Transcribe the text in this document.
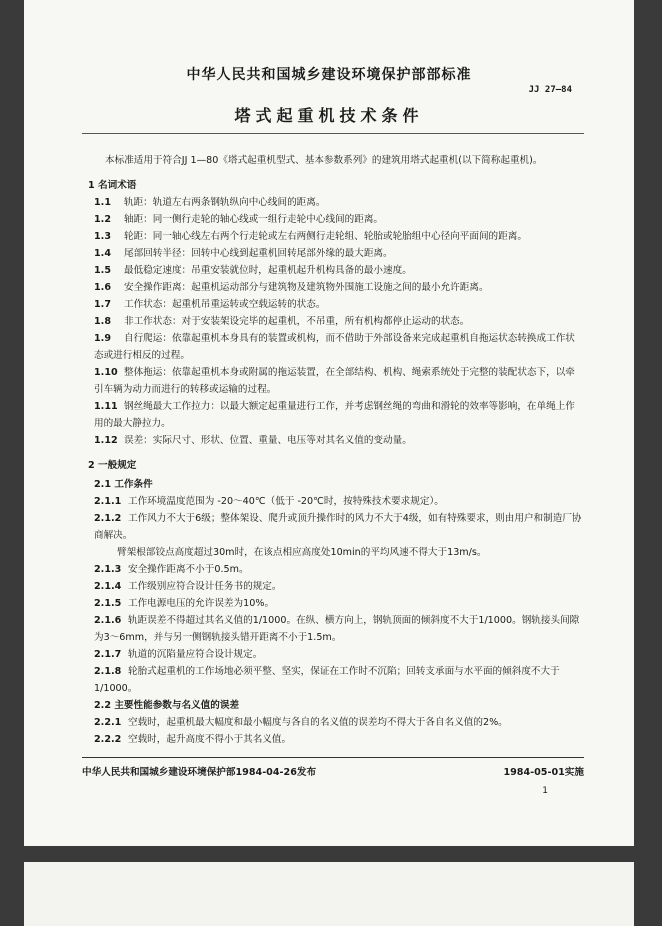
中华人民共和国城乡建设环境保护部部标准
JJ 27—84
塔式起重机技术条件

本标准适用于符合JJ 1—80《塔式起重机型式、基本参数系列》的建筑用塔式起重机(以下简称起重机)。

1 名词术语

1.1 轨距：轨道左右两条钢轨纵向中心线间的距离。

1.2 轴距：同一侧行走轮的轴心线或一组行走轮中心线间的距离。

1.3 轮距：同一轴心线左右两个行走轮或左右两侧行走轮组、轮胎或轮胎组中心径向平面间的距离。

1.4 尾部回转半径：回转中心线到起重机回转尾部外缘的最大距离。

1.5 最低稳定速度：吊重安装就位时，起重机起升机构具备的最小速度。

1.6 安全操作距离：起重机运动部分与建筑物及建筑物外围施工设施之间的最小允许距离。

1.7 工作状态：起重机吊重运转或空载运转的状态。

1.8 非工作状态：对于安装架设完毕的起重机，不吊重，所有机构都停止运动的状态。

1.9 自行爬运：依靠起重机本身具有的装置或机构，而不借助于外部设备来完成起重机自拖运状态转换成工作状态或进行相反的过程。

1.10 整体拖运：依靠起重机本身或附属的拖运装置，在全部结构、机构、绳索系统处于完整的装配状态下，以牵引车辆为动力而进行的转移或运输的过程。

1.11 钢丝绳最大工作拉力：以最大额定起重量进行工作，并考虑钢丝绳的弯曲和滑轮的效率等影响，在单绳上作用的最大静拉力。

1.12 误差：实际尺寸、形状、位置、重量、电压等对其名义值的变动量。

2 一般规定

2.1 工作条件

2.1.1 工作环境温度范围为 -20～40℃（低于 -20℃时，按特殊技术要求规定）。

2.1.2 工作风力不大于6级；整体架设、爬升或顶升操作时的风力不大于4级，如有特殊要求，则由用户和制造厂协商解决。

臂架根部铰点高度超过30m时，在该点相应高度处10min的平均风速不得大于13m/s。

2.1.3 安全操作距离不小于0.5m。

2.1.4 工作级别应符合设计任务书的规定。

2.1.5 工作电源电压的允许误差为10%。

2.1.6 轨距误差不得超过其名义值的1/1000。在纵、横方向上，钢轨顶面的倾斜度不大于1/1000。钢轨接头间隙为3～6mm，并与另一侧钢轨接头错开距离不小于1.5m。

2.1.7 轨道的沉陷量应符合设计规定。

2.1.8 轮胎式起重机的工作场地必须平整、坚实，保证在工作时不沉陷；回转支承面与水平面的倾斜度不大于1/1000。

2.2 主要性能参数与名义值的误差

2.2.1 空载时，起重机最大幅度和最小幅度与各自的名义值的误差均不得大于各自名义值的2%。

2.2.2 空载时，起升高度不得小于其名义值。

中华人民共和国城乡建设环境保护部1984-04-26发布	1984-05-01实施
1
